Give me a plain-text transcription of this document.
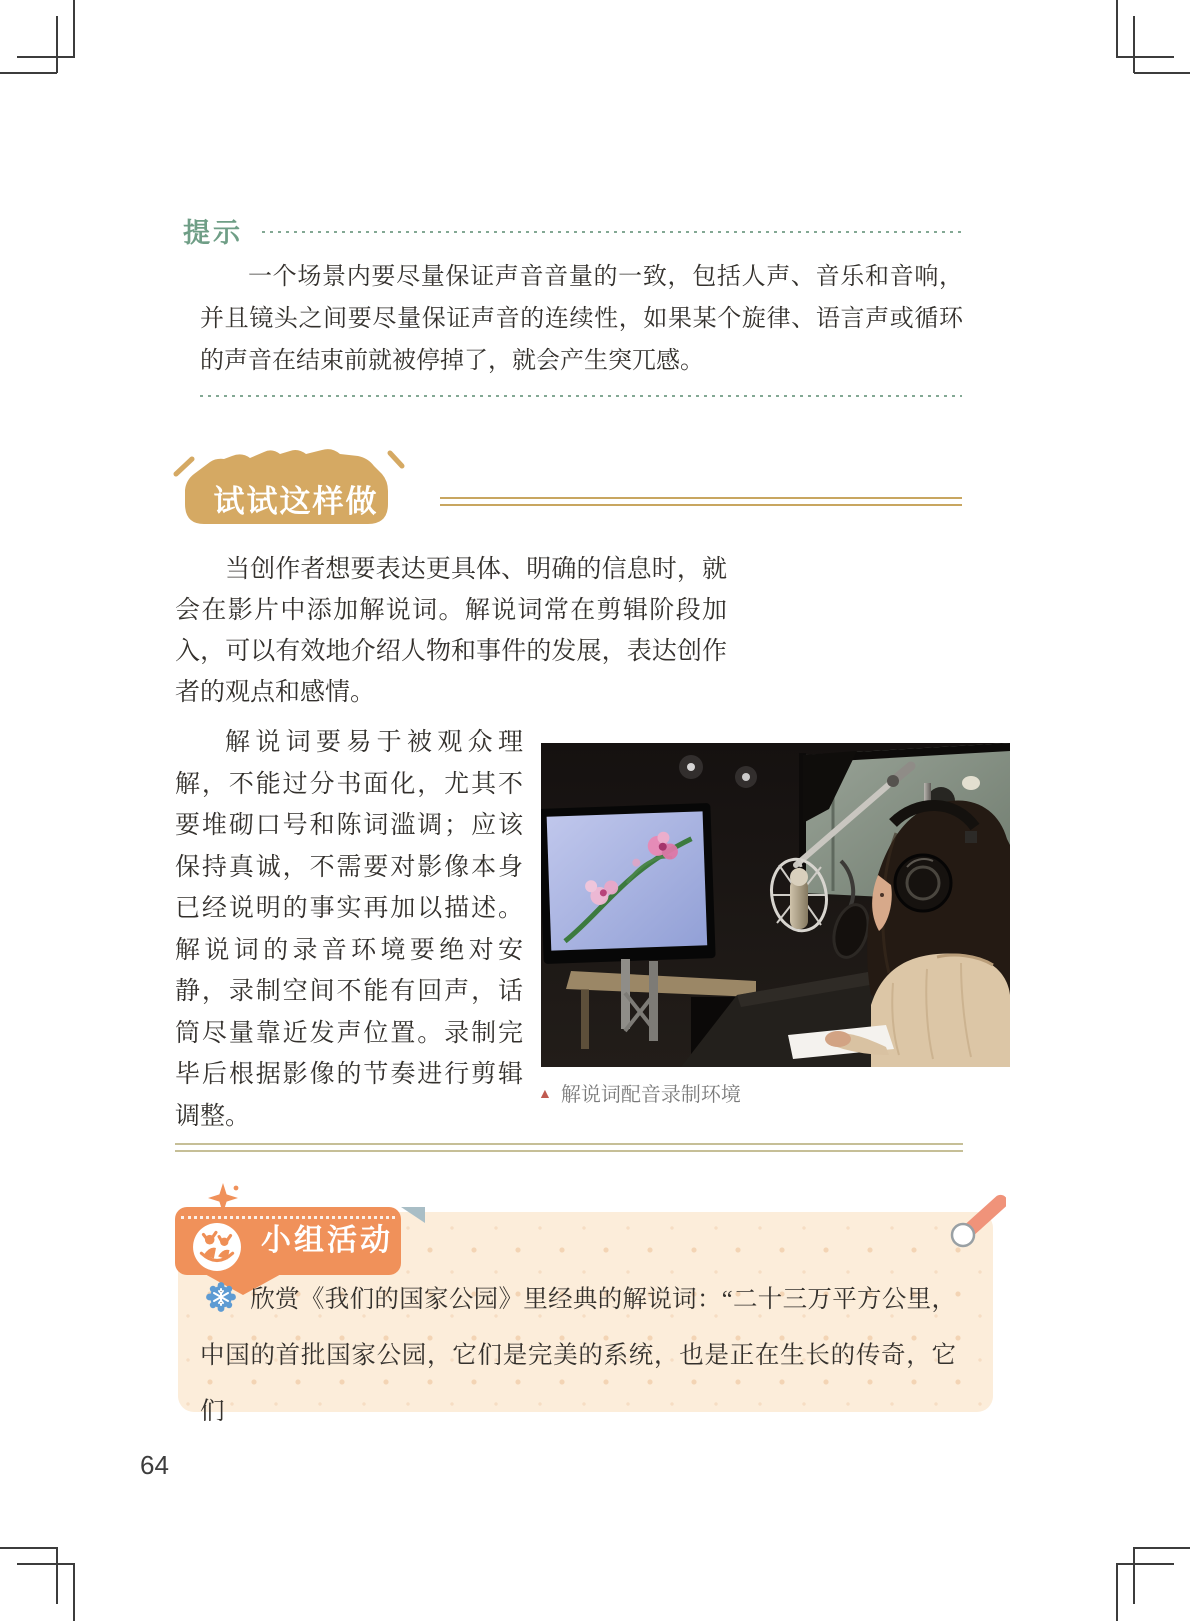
提示
一个场景内要尽量保证声音音量的一致，包括人声、音乐和音响，并且镜头之间要尽量保证声音的连续性，如果某个旋律、语言声或循环的声音在结束前就被停掉了，就会产生突兀感。
试试这样做
当创作者想要表达更具体、明确的信息时，就会在影片中添加解说词。解说词常在剪辑阶段加入，可以有效地介绍人物和事件的发展，表达创作者的观点和感情。
解说词要易于被观众理解，不能过分书面化，尤其不要堆砌口号和陈词滥调；应该保持真诚，不需要对影像本身已经说明的事实再加以描述。解说词的录音环境要绝对安静，录制空间不能有回声，话筒尽量靠近发声位置。录制完毕后根据影像的节奏进行剪辑调整。
▲ 解说词配音录制环境
小组活动
欣赏《我们的国家公园》里经典的解说词：“二十三万平方公里，中国的首批国家公园，它们是完美的系统，也是正在生长的传奇，它们
64
